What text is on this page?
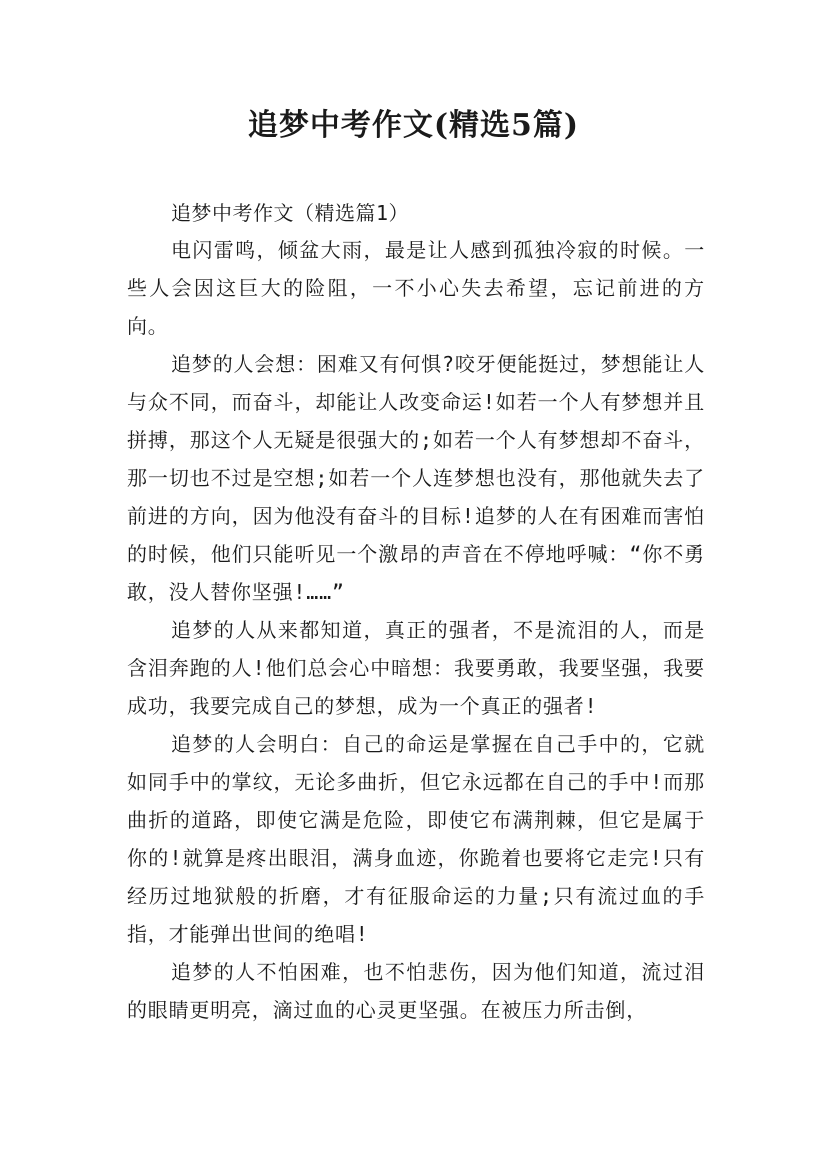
追梦中考作文(精选5篇)
追梦中考作文（精选篇1）

电闪雷鸣，倾盆大雨，最是让人感到孤独冷寂的时候。一些人会因这巨大的险阻，一不小心失去希望，忘记前进的方向。

追梦的人会想：困难又有何惧?咬牙便能挺过，梦想能让人与众不同，而奋斗，却能让人改变命运!如若一个人有梦想并且拼搏，那这个人无疑是很强大的;如若一个人有梦想却不奋斗，那一切也不过是空想;如若一个人连梦想也没有，那他就失去了前进的方向，因为他没有奋斗的目标!追梦的人在有困难而害怕的时候，他们只能听见一个激昂的声音在不停地呼喊：“你不勇敢，没人替你坚强!……”

追梦的人从来都知道，真正的强者，不是流泪的人，而是含泪奔跑的人!他们总会心中暗想：我要勇敢，我要坚强，我要成功，我要完成自己的梦想，成为一个真正的强者!

追梦的人会明白：自己的命运是掌握在自己手中的，它就如同手中的掌纹，无论多曲折，但它永远都在自己的手中!而那曲折的道路，即使它满是危险，即使它布满荆棘，但它是属于你的!就算是疼出眼泪，满身血迹，你跪着也要将它走完!只有经历过地狱般的折磨，才有征服命运的力量;只有流过血的手指，才能弹出世间的绝唱!

追梦的人不怕困难，也不怕悲伤，因为他们知道，流过泪的眼睛更明亮，滴过血的心灵更坚强。在被压力所击倒，
